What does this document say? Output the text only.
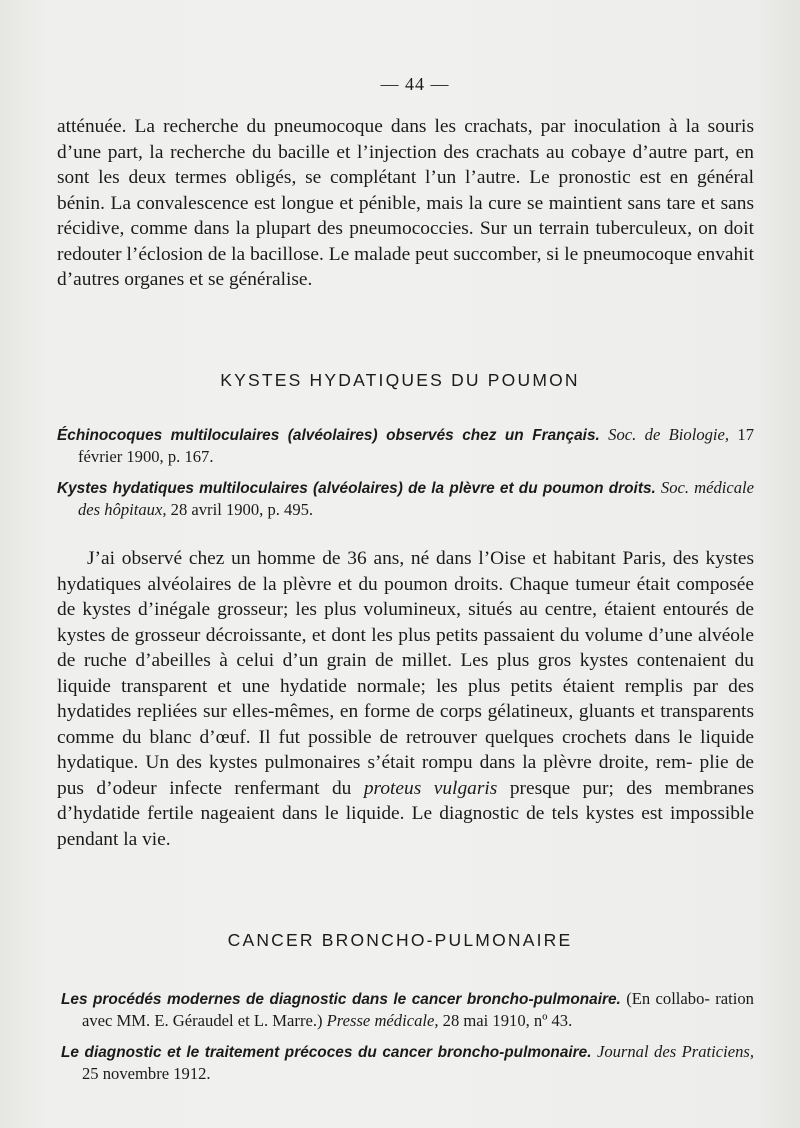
— 44 —

atténuée. La recherche du pneumocoque dans les crachats, par inoculation à la souris d’une part, la recherche du bacille et l’injection des crachats au cobaye d’autre part, en sont les deux termes obligés, se complétant l’un l’autre. Le pronostic est en général bénin. La convalescence est longue et pénible, mais la cure se maintient sans tare et sans récidive, comme dans la plupart des pneumococcies. Sur un terrain tuberculeux, on doit redouter l’éclosion de la bacillose. Le malade peut succomber, si le pneumocoque envahit d’autres organes et se généralise.

KYSTES HYDATIQUES DU POUMON

Échinocoques multiloculaires (alvéolaires) observés chez un Français. Soc. de Biologie, 17 février 1900, p. 167.

Kystes hydatiques multiloculaires (alvéolaires) de la plèvre et du poumon droits. Soc. médicale des hôpitaux, 28 avril 1900, p. 495.

J’ai observé chez un homme de 36 ans, né dans l’Oise et habitant Paris, des kystes hydatiques alvéolaires de la plèvre et du poumon droits. Chaque tumeur était composée de kystes d’inégale grosseur; les plus volumineux, situés au centre, étaient entourés de kystes de grosseur décroissante, et dont les plus petits passaient du volume d’une alvéole de ruche d’abeilles à celui d’un grain de millet. Les plus gros kystes contenaient du liquide transparent et une hydatide normale; les plus petits étaient remplis par des hydatides repliées sur elles-mêmes, en forme de corps gélatineux, gluants et transparents comme du blanc d’œuf. Il fut possible de retrouver quelques crochets dans le liquide hydatique. Un des kystes pulmonaires s’était rompu dans la plèvre droite, rem- plie de pus d’odeur infecte renfermant du proteus vulgaris presque pur; des membranes d’hydatide fertile nageaient dans le liquide. Le diagnostic de tels kystes est impossible pendant la vie.

CANCER BRONCHO-PULMONAIRE

Les procédés modernes de diagnostic dans le cancer broncho-pulmonaire. (En collabo- ration avec MM. E. Géraudel et L. Marre.) Presse médicale, 28 mai 1910, nº 43.

Le diagnostic et le traitement précoces du cancer broncho-pulmonaire. Journal des Praticiens, 25 novembre 1912.
